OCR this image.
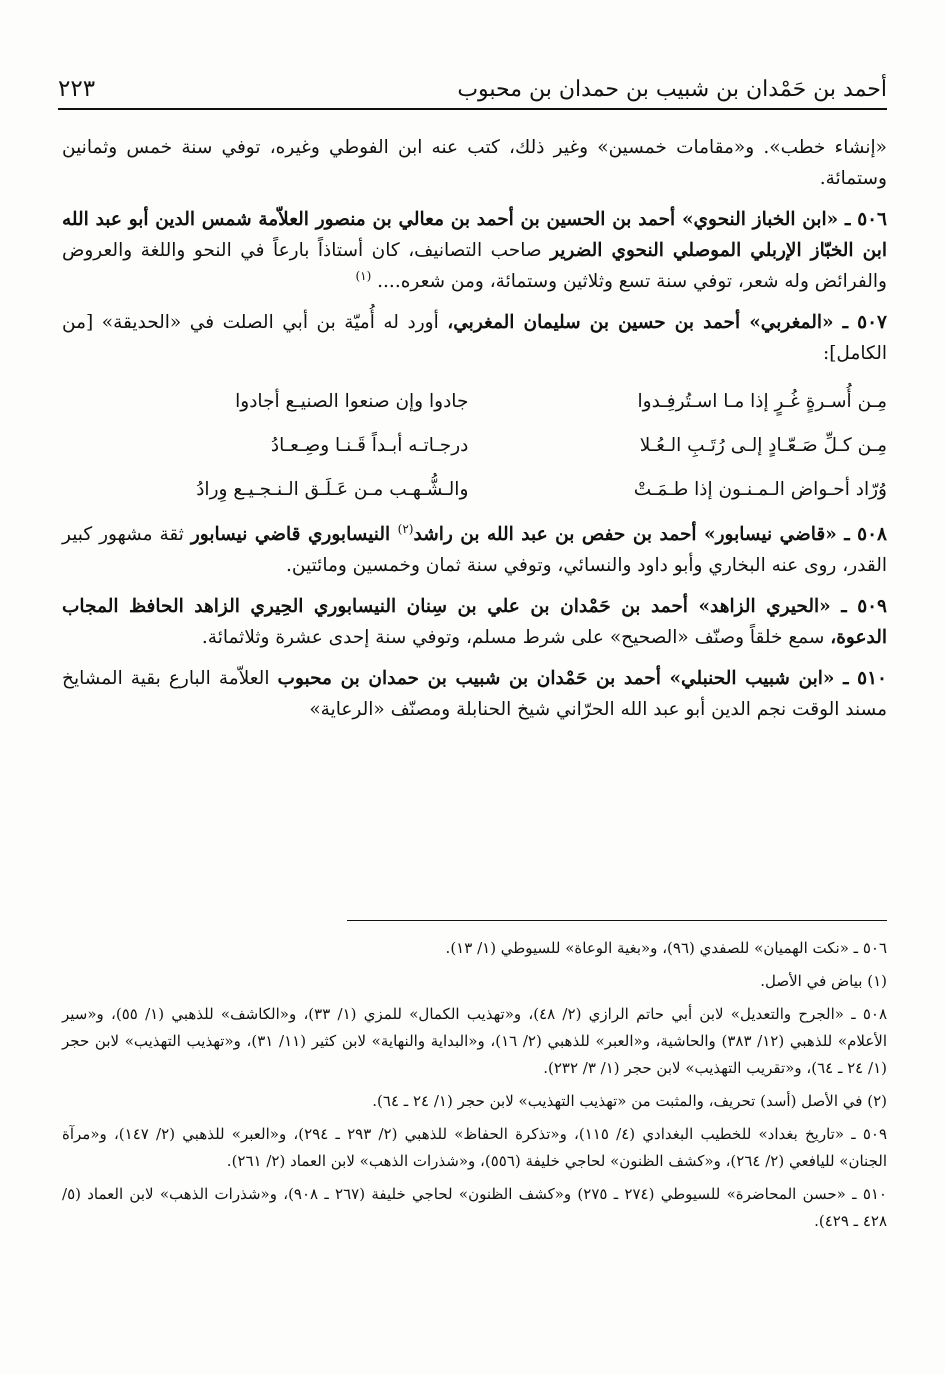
أحمد بن حَمْدان بن شبيب بن حمدان بن محبوب
٢٢٣

«إنشاء خطب». و«مقامات خمسين» وغير ذلك، كتب عنه ابن الفوطي وغيره، توفي سنة خمس وثمانين وستمائة.

٥٠٦ ـ «ابن الخباز النحوي» أحمد بن الحسين بن أحمد بن معالي بن منصور العلاّمة شمس الدين أبو عبد الله ابن الخبّاز الإربلي الموصلي النحوي الضرير صاحب التصانيف، كان أستاذاً بارعاً في النحو واللغة والعروض والفرائض وله شعر، توفي سنة تسع وثلاثين وستمائة، ومن شعره.... $^{(١)}$

٥٠٧ ـ «المغربي» أحمد بن حسين بن سليمان المغربي، أورد له أُميّة بن أبي الصلت في «الحديقة» [من الكامل]:

مِـن أُسـرةٍ غُـرٍ إذا مـا اسـتُرفِـدوا
جادوا وإن صنعوا الصنيـع أجادوا
مِـن كـلِّ صَـعّـادٍ إلـى رُتَـبِ الـعُـلا
درجـاتـه أبـداً قَـنـا وصِـعـادُ
وُرّاد أحـواض الـمـنـون إذا طـمَـتْ
والـشُّـهـب مـن عَـلَـق الـنـجـيـع وِرادُ

٥٠٨ ـ «قاضي نيسابور» أحمد بن حفص بن عبد الله بن راشد$^{(٢)}$ النيسابوري قاضي نيسابور ثقة مشهور كبير القدر، روى عنه البخاري وأبو داود والنسائي، وتوفي سنة ثمان وخمسين ومائتين.

٥٠٩ ـ «الحيري الزاهد» أحمد بن حَمْدان بن علي بن سِنان النيسابوري الحِيري الزاهد الحافظ المجاب الدعوة، سمع خلقاً وصنّف «الصحيح» على شرط مسلم، وتوفي سنة إحدى عشرة وثلاثمائة.

٥١٠ ـ «ابن شبيب الحنبلي» أحمد بن حَمْدان بن شبيب بن حمدان بن محبوب العلاّمة البارع بقية المشايخ مسند الوقت نجم الدين أبو عبد الله الحرّاني شيخ الحنابلة ومصنّف «الرعاية»

٥٠٦ ـ «نكت الهميان» للصفدي (٩٦)، و«بغية الوعاة» للسيوطي (١/ ١٣).

(١) بياض في الأصل.

٥٠٨ ـ «الجرح والتعديل» لابن أبي حاتم الرازي (٢/ ٤٨)، و«تهذيب الكمال» للمزي (١/ ٣٣)، و«الكاشف» للذهبي (١/ ٥٥)، و«سير الأعلام» للذهبي (١٢/ ٣٨٣) والحاشية، و«العبر» للذهبي (٢/ ١٦)، و«البداية والنهاية» لابن كثير (١١/ ٣١)، و«تهذيب التهذيب» لابن حجر (١/ ٢٤ ـ ٦٤)، و«تقريب التهذيب» لابن حجر (١/ ٣/ ٢٣٢).

(٢) في الأصل (أسد) تحريف، والمثبت من «تهذيب التهذيب» لابن حجر (١/ ٢٤ ـ ٦٤).

٥٠٩ ـ «تاريخ بغداد» للخطيب البغدادي (٤/ ١١٥)، و«تذكرة الحفاظ» للذهبي (٢/ ٢٩٣ ـ ٢٩٤)، و«العبر» للذهبي (٢/ ١٤٧)، و«مرآة الجنان» لليافعي (٢/ ٢٦٤)، و«كشف الظنون» لحاجي خليفة (٥٥٦)، و«شذرات الذهب» لابن العماد (٢/ ٢٦١).

٥١٠ ـ «حسن المحاضرة» للسيوطي (٢٧٤ ـ ٢٧٥) و«كشف الظنون» لحاجي خليفة (٢٦٧ ـ ٩٠٨)، و«شذرات الذهب» لابن العماد (٥/ ٤٢٨ ـ ٤٢٩).
